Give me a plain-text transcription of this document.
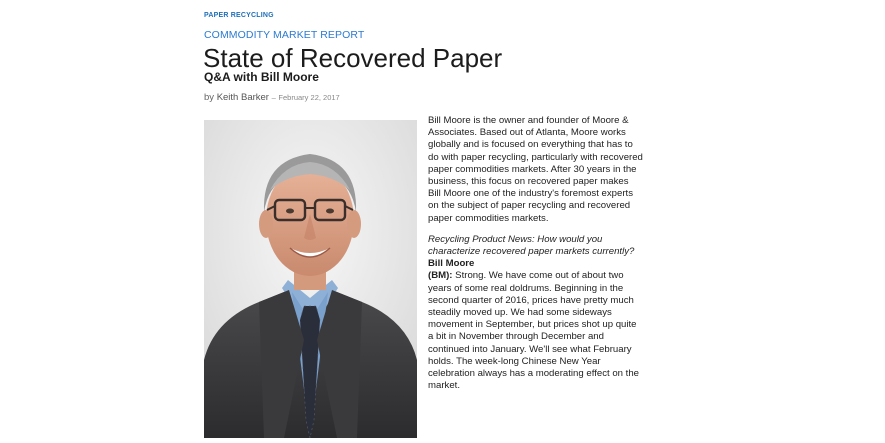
PAPER RECYCLING
COMMODITY MARKET REPORT
State of Recovered Paper
Q&A with Bill Moore
by Keith Barker – February 22, 2017

Bill Moore is the owner and founder of Moore & Associates. Based out of Atlanta, Moore works globally and is focused on everything that has to do with paper recycling, particularly with recovered paper commodities markets. After 30 years in the business, this focus on recovered paper makes Bill Moore one of the industry's foremost experts on the subject of paper recycling and recovered paper commodities markets.

Recycling Product News: How would you characterize recovered paper markets currently?
Bill Moore
(BM): Strong. We have come out of about two years of some real doldrums. Beginning in the second quarter of 2016, prices have pretty much steadily moved up. We had some sideways movement in September, but prices shot up quite a bit in November through December and continued into January. We'll see what February holds. The week-long Chinese New Year celebration always has a moderating effect on the market.
